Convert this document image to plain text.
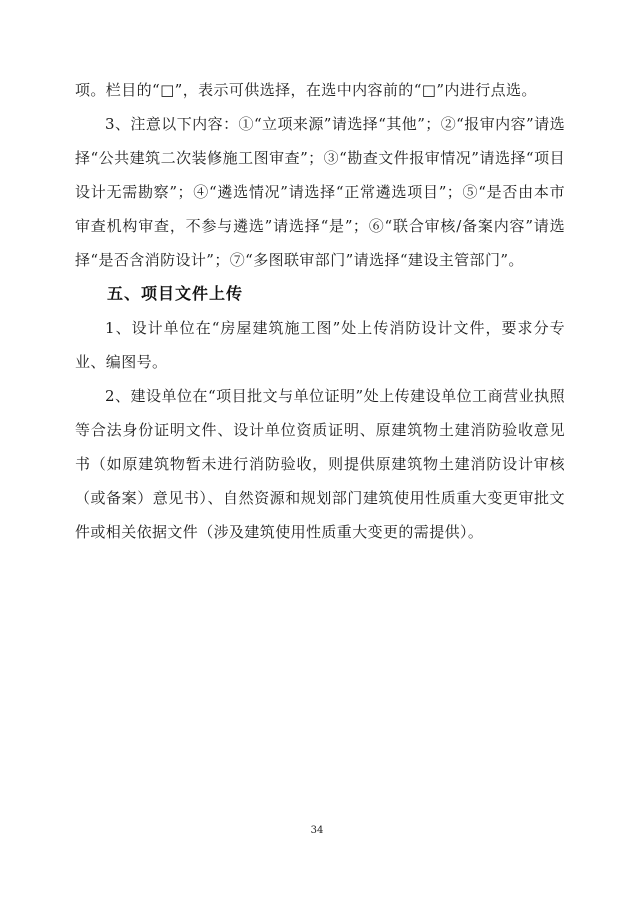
项。栏目的“□”，表示可供选择，在选中内容前的“□”内进行点选。

3、注意以下内容：①“立项来源”请选择“其他”；②“报审内容”请选择“公共建筑二次装修施工图审查”；③“勘查文件报审情况”请选择“项目设计无需勘察”；④“遴选情况”请选择“正常遴选项目”；⑤“是否由本市审查机构审查，不参与遴选”请选择“是”；⑥“联合审核/备案内容”请选择“是否含消防设计”；⑦“多图联审部门”请选择“建设主管部门”。

五、项目文件上传

1、设计单位在“房屋建筑施工图”处上传消防设计文件，要求分专业、编图号。

2、建设单位在“项目批文与单位证明”处上传建设单位工商营业执照等合法身份证明文件、设计单位资质证明、原建筑物土建消防验收意见书（如原建筑物暂未进行消防验收，则提供原建筑物土建消防设计审核（或备案）意见书）、自然资源和规划部门建筑使用性质重大变更审批文件或相关依据文件（涉及建筑使用性质重大变更的需提供）。

34
